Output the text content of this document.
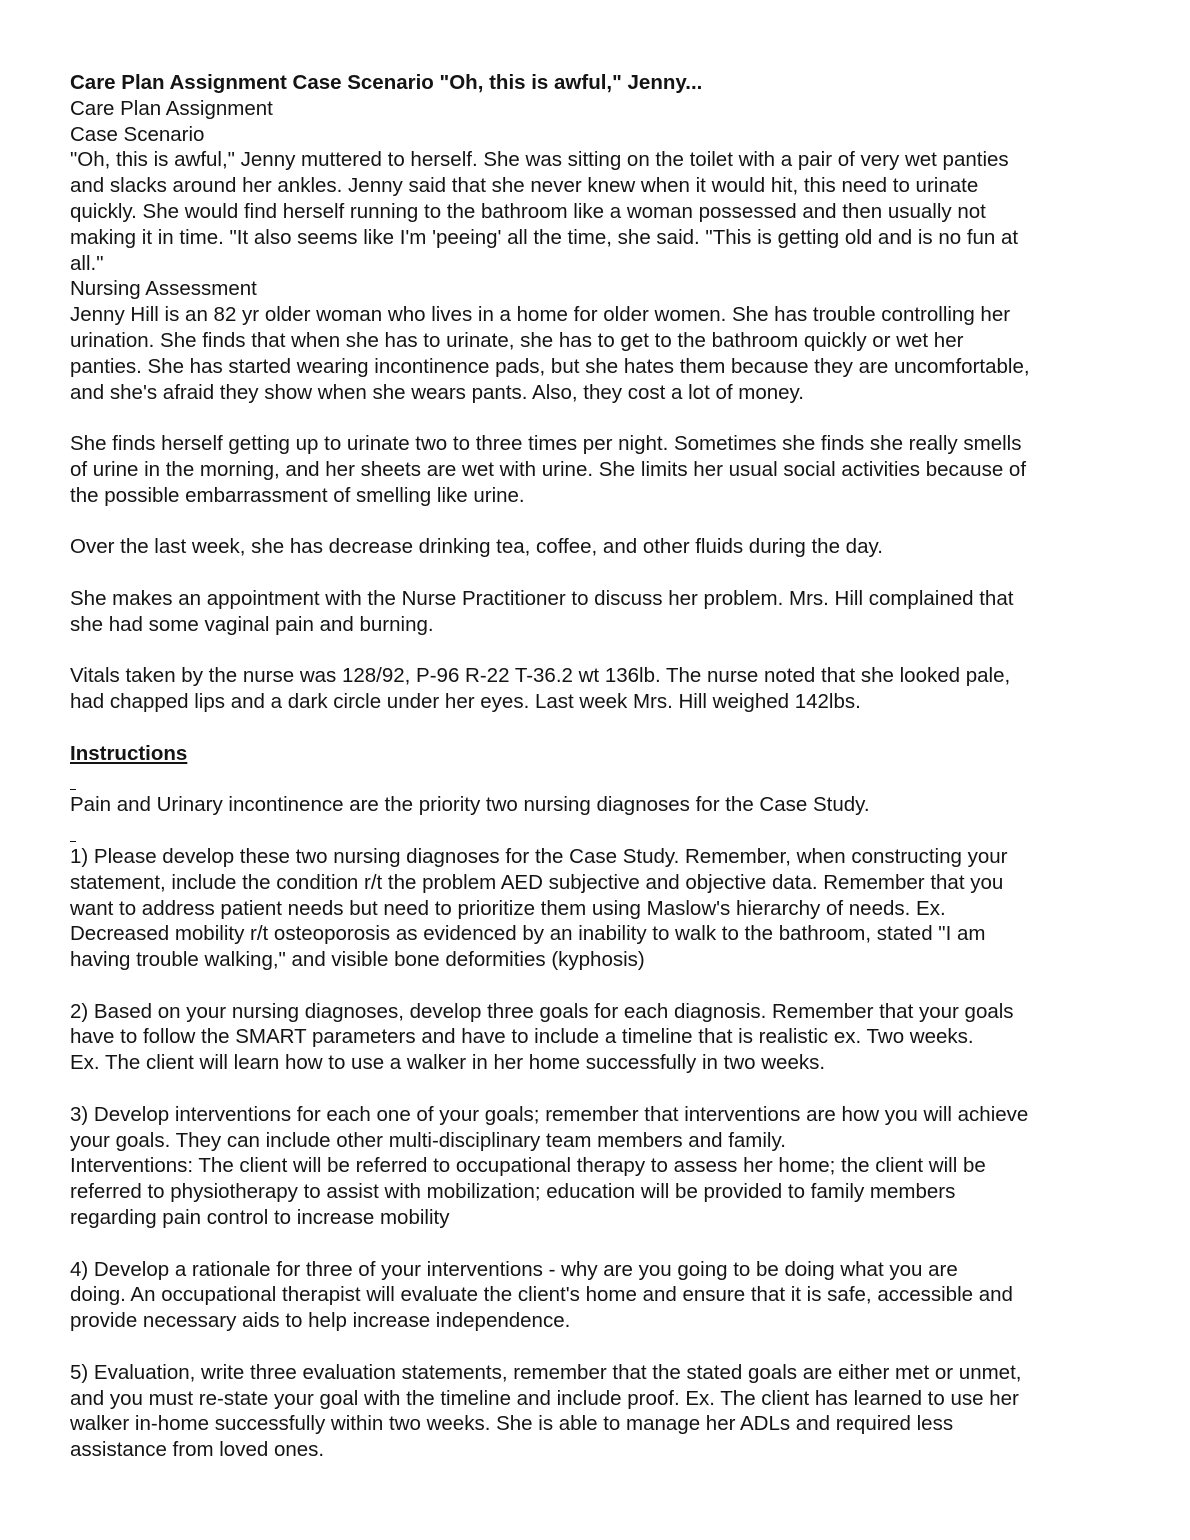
Care Plan Assignment Case Scenario "Oh, this is awful," Jenny...
Care Plan Assignment
Case Scenario
"Oh, this is awful," Jenny muttered to herself. She was sitting on the toilet with a pair of very wet panties
and slacks around her ankles. Jenny said that she never knew when it would hit, this need to urinate
quickly. She would find herself running to the bathroom like a woman possessed and then usually not
making it in time. "It also seems like I'm 'peeing' all the time, she said. "This is getting old and is no fun at
all."
Nursing Assessment
Jenny Hill is an 82 yr older woman who lives in a home for older women. She has trouble controlling her
urination. She finds that when she has to urinate, she has to get to the bathroom quickly or wet her
panties. She has started wearing incontinence pads, but she hates them because they are uncomfortable,
and she's afraid they show when she wears pants. Also, they cost a lot of money.
She finds herself getting up to urinate two to three times per night. Sometimes she finds she really smells
of urine in the morning, and her sheets are wet with urine. She limits her usual social activities because of
the possible embarrassment of smelling like urine.
Over the last week, she has decrease drinking tea, coffee, and other fluids during the day.
She makes an appointment with the Nurse Practitioner to discuss her problem. Mrs. Hill complained that
she had some vaginal pain and burning.
Vitals taken by the nurse was 128/92, P-96 R-22 T-36.2 wt 136lb. The nurse noted that she looked pale,
had chapped lips and a dark circle under her eyes. Last week Mrs. Hill weighed 142lbs.
Instructions
Pain and Urinary incontinence are the priority two nursing diagnoses for the Case Study.
1) Please develop these two nursing diagnoses for the Case Study. Remember, when constructing your
statement, include the condition r/t the problem AED subjective and objective data. Remember that you
want to address patient needs but need to prioritize them using Maslow's hierarchy of needs. Ex.
Decreased mobility r/t osteoporosis as evidenced by an inability to walk to the bathroom, stated "I am
having trouble walking," and visible bone deformities (kyphosis)
2) Based on your nursing diagnoses, develop three goals for each diagnosis. Remember that your goals
have to follow the SMART parameters and have to include a timeline that is realistic ex. Two weeks.
Ex. The client will learn how to use a walker in her home successfully in two weeks.
3) Develop interventions for each one of your goals; remember that interventions are how you will achieve
your goals. They can include other multi-disciplinary team members and family.
Interventions: The client will be referred to occupational therapy to assess her home; the client will be
referred to physiotherapy to assist with mobilization; education will be provided to family members
regarding pain control to increase mobility
4) Develop a rationale for three of your interventions - why are you going to be doing what you are
doing. An occupational therapist will evaluate the client's home and ensure that it is safe, accessible and
provide necessary aids to help increase independence.
5) Evaluation, write three evaluation statements, remember that the stated goals are either met or unmet,
and you must re-state your goal with the timeline and include proof. Ex. The client has learned to use her
walker in-home successfully within two weeks. She is able to manage her ADLs and required less
assistance from loved ones.
